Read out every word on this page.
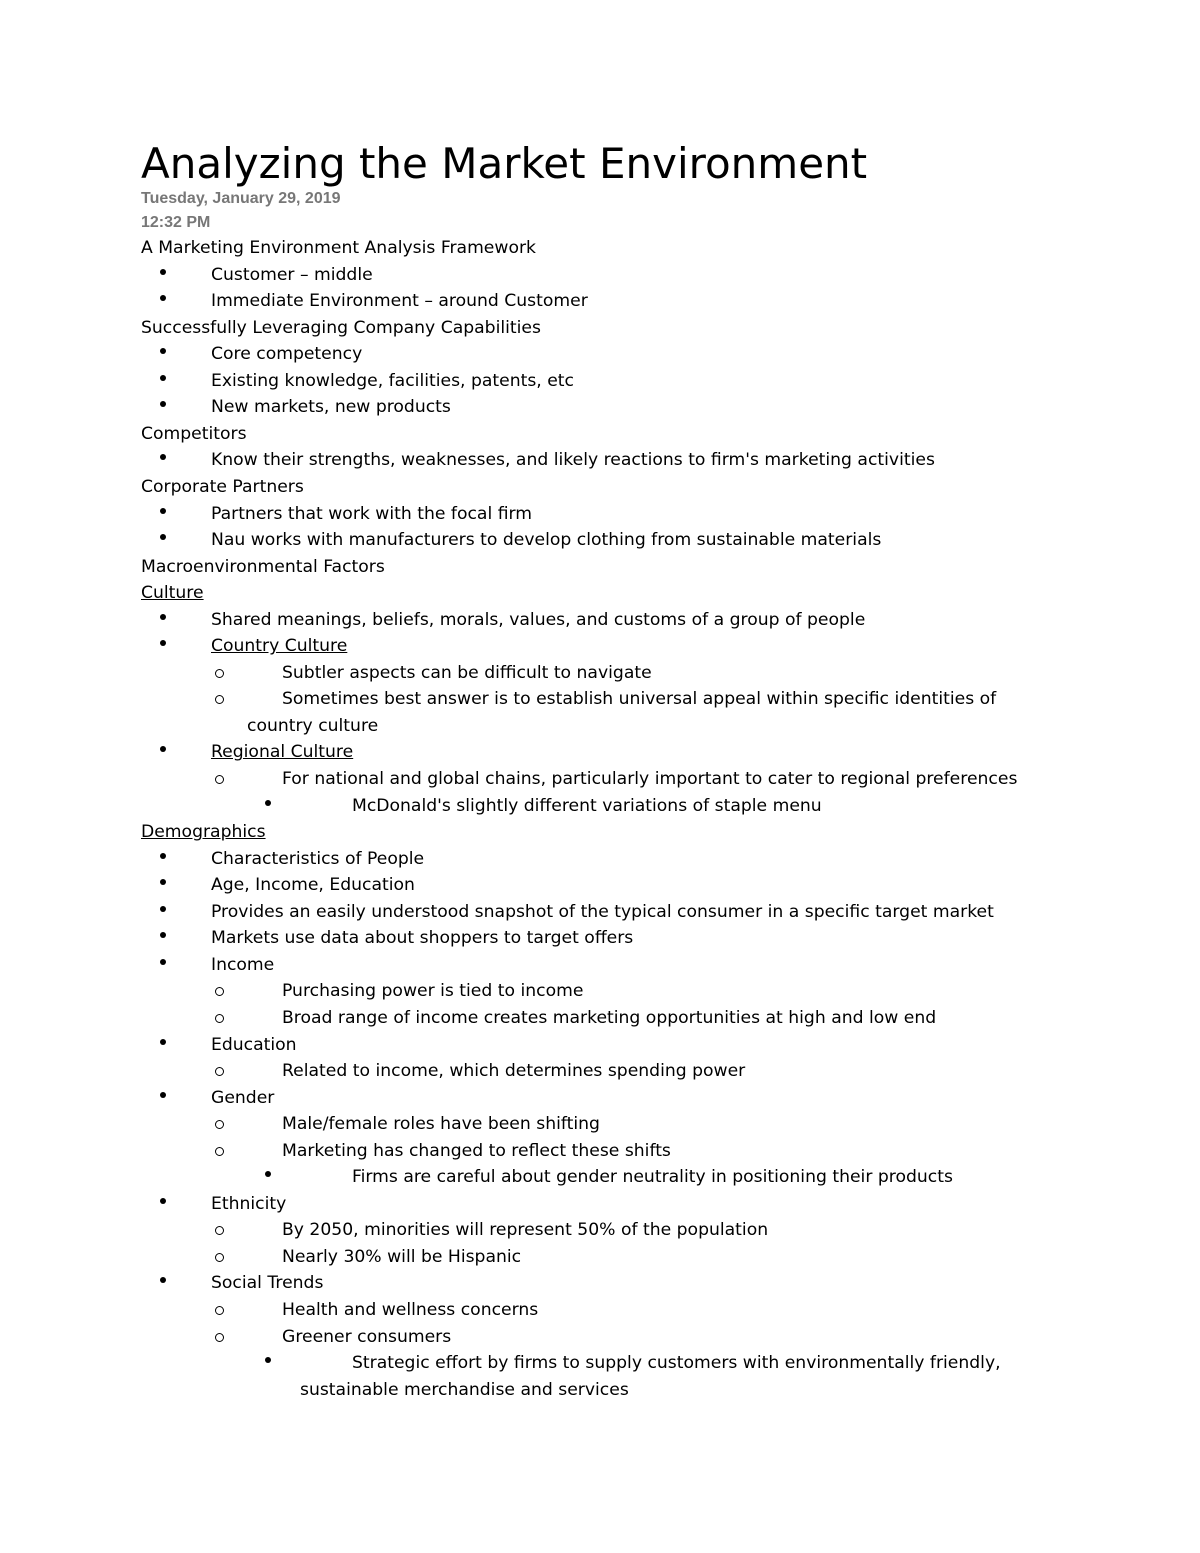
Analyzing the Market Environment
Tuesday, January 29, 2019
12:32 PM
A Marketing Environment Analysis Framework
Customer – middle
Immediate Environment – around Customer
Successfully Leveraging Company Capabilities
Core competency
Existing knowledge, facilities, patents, etc
New markets, new products
Competitors
Know their strengths, weaknesses, and likely reactions to firm's marketing activities
Corporate Partners
Partners that work with the focal firm
Nau works with manufacturers to develop clothing from sustainable materials
Macroenvironmental Factors
Culture
Shared meanings, beliefs, morals, values, and customs of a group of people
Country Culture
Subtler aspects can be difficult to navigate
Sometimes best answer is to establish universal appeal within specific identities of
country culture
Regional Culture
For national and global chains, particularly important to cater to regional preferences
McDonald's slightly different variations of staple menu
Demographics
Characteristics of People
Age, Income, Education
Provides an easily understood snapshot of the typical consumer in a specific target market
Markets use data about shoppers to target offers
Income
Purchasing power is tied to income
Broad range of income creates marketing opportunities at high and low end
Education
Related to income, which determines spending power
Gender
Male/female roles have been shifting
Marketing has changed to reflect these shifts
Firms are careful about gender neutrality in positioning their products
Ethnicity
By 2050, minorities will represent 50% of the population
Nearly 30% will be Hispanic
Social Trends
Health and wellness concerns
Greener consumers
Strategic effort by firms to supply customers with environmentally friendly,
sustainable merchandise and services
